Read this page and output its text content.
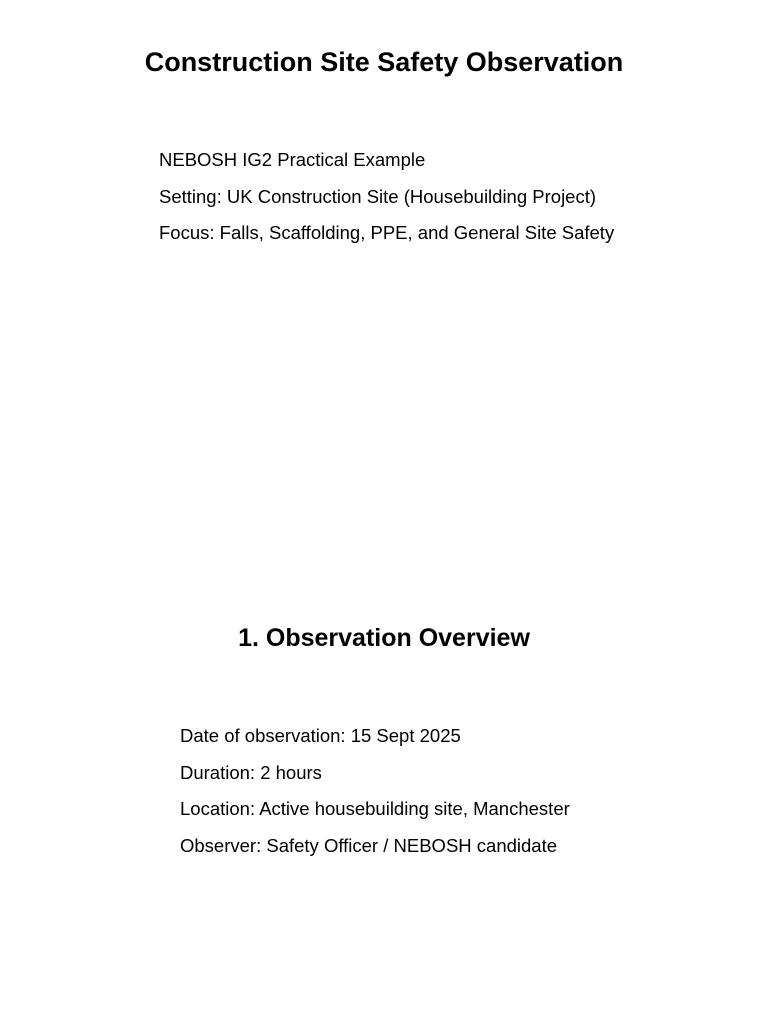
Construction Site Safety Observation
NEBOSH IG2 Practical Example
Setting: UK Construction Site (Housebuilding Project)
Focus: Falls, Scaffolding, PPE, and General Site Safety
1. Observation Overview
Date of observation: 15 Sept 2025
Duration: 2 hours
Location: Active housebuilding site, Manchester
Observer: Safety Officer / NEBOSH candidate
